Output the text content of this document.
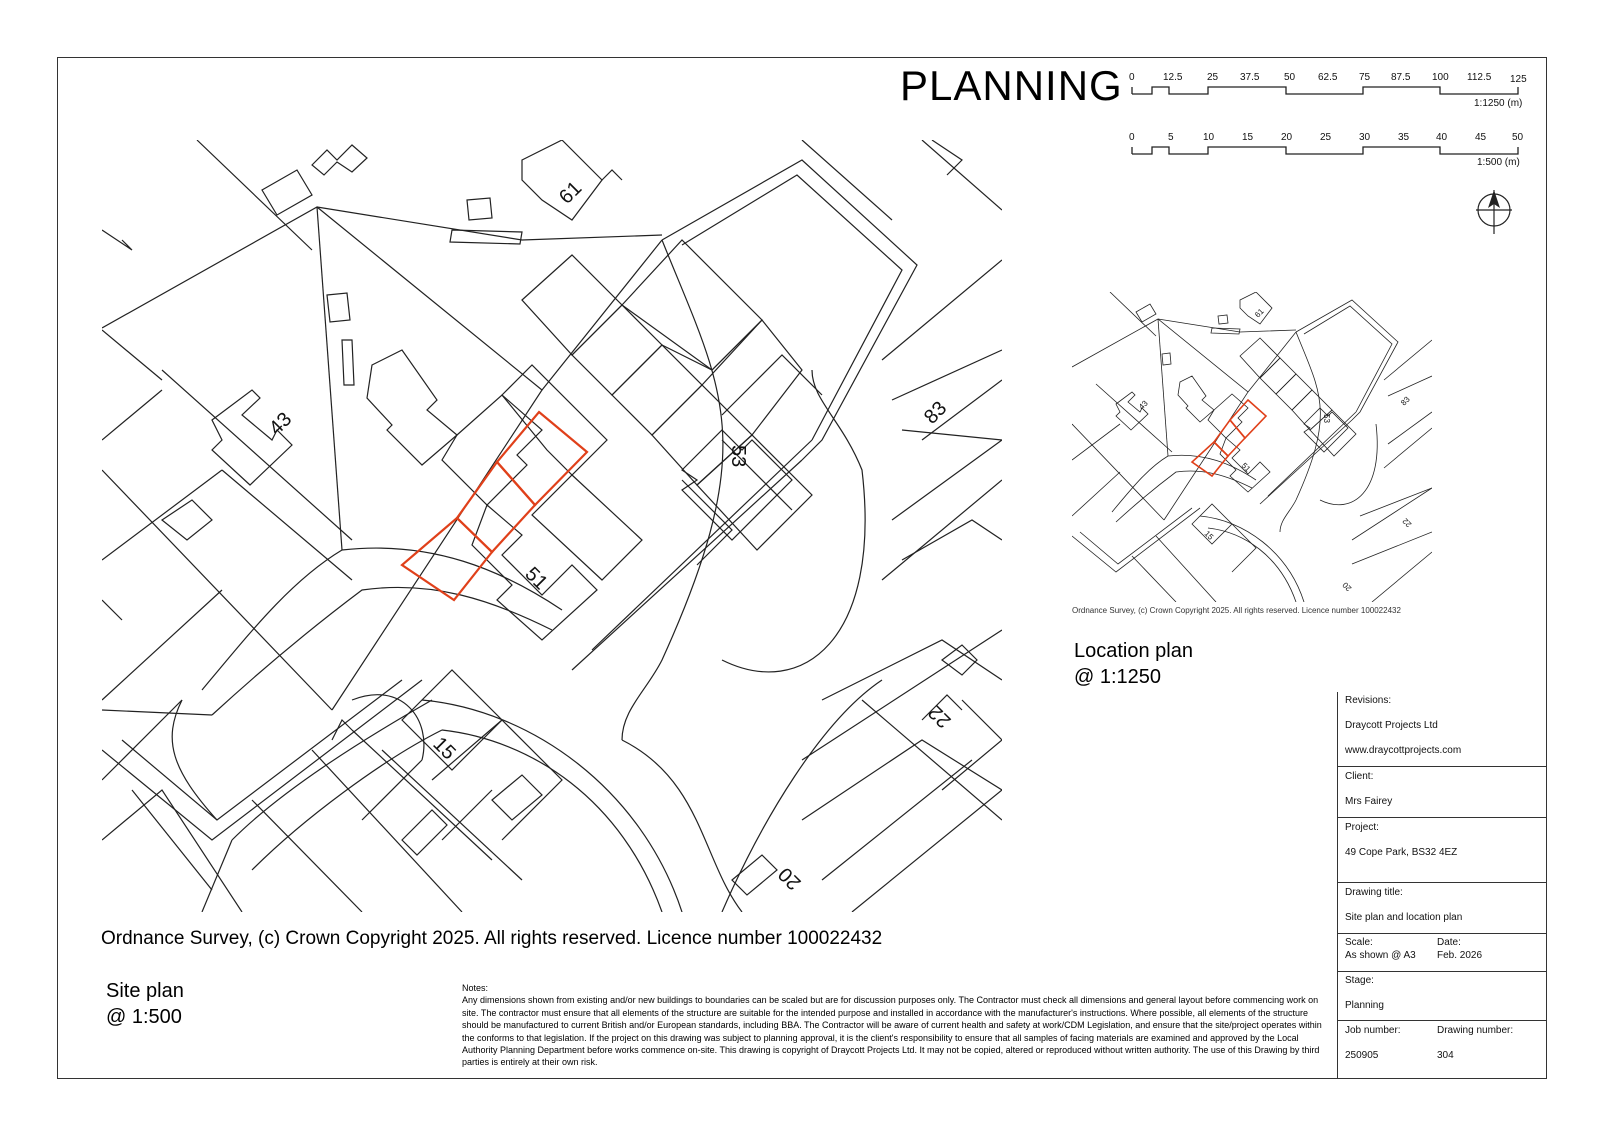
PLANNING 0	12.5 25 37.5 50 62.5 75 87.5 100 112.5 125
1:1250 (m)
0	5	10	15	20	25	30	35	40	45	50
1:500 (m)
61
43
53
83
51
15
22
20
Ordnance Survey, (c) Crown Copyright 2025. All rights reserved. Licence number 100022432
Site plan
@ 1:500
61
43
53
83
51
15
22
20
Ordnance Survey, (c) Crown Copyright 2025. All rights reserved. Licence number 100022432
Location plan
@ 1:1250
Notes:
Any dimensions shown from existing and/or new buildings to boundaries can be scaled but are for discussion purposes only. The Contractor must check all dimensions and general layout before commencing work on site. The contractor must ensure that all elements of the structure are suitable for the intended purpose and installed in accordance with the manufacturer's instructions. Where possible, all elements of the structure should be manufactured to current British and/or European standards, including BBA. The Contractor will be aware of current health and safety at work/CDM Legislation, and ensure that the site/project operates within the conforms to that legislation. If the project on this drawing was subject to planning approval, it is the client's responsibility to ensure that all samples of facing materials are examined and approved by the Local Authority Planning Department before works commence on-site. This drawing is copyright of Draycott Projects Ltd. It may not be copied, altered or reproduced without written authority. The use of this Drawing by third parties is entirely at their own risk.
Revisions:
Draycott Projects Ltd
www.draycottprojects.com
Client:
Mrs Fairey
Project:
49 Cope Park, BS32 4EZ
Drawing title:
Site plan and location plan
Scale:
As shown @ A3
Date:
Feb. 2026
Stage:
Planning
Job number:
250905
Drawing number:
304
